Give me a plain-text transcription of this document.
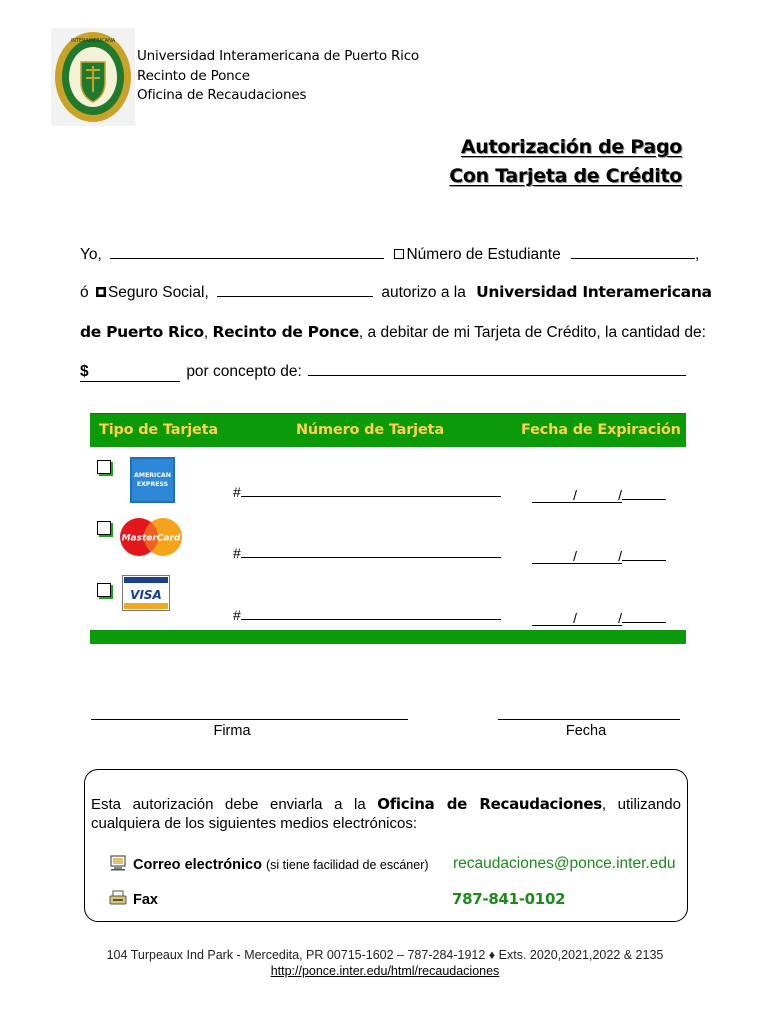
INTERAMERICANA
Universidad Interamericana de Puerto Rico
Recinto de Ponce
Oficina de Recaudaciones
Autorización de Pago
Con Tarjeta de Crédito
Yo,	Número de Estudiante	,
ó Seguro Social,	autorizo a la Universidad Interamericana
de Puerto Rico, Recinto de Ponce, a debitar de mi Tarjeta de Crédito, la cantidad de:
$	por concepto de:
Tipo de Tarjeta	Número de Tarjeta	Fecha de Expiración
AMERICAN
EXPRESS	#	/	/
MasterCard
#	/	/
VISA
#	/	/
Firma	Fecha
Esta autorización debe enviarla a la Oficina de Recaudaciones, utilizando cualquiera de los siguientes medios electrónicos:
Correo electrónico (si tiene facilidad de escáner) recaudaciones@ponce.inter.edu
Fax	787-841-0102
104 Turpeaux Ind Park - Mercedita, PR 00715-1602 – 787-284-1912 ♦ Exts. 2020,2021,2022 & 2135
http://ponce.inter.edu/html/recaudaciones
